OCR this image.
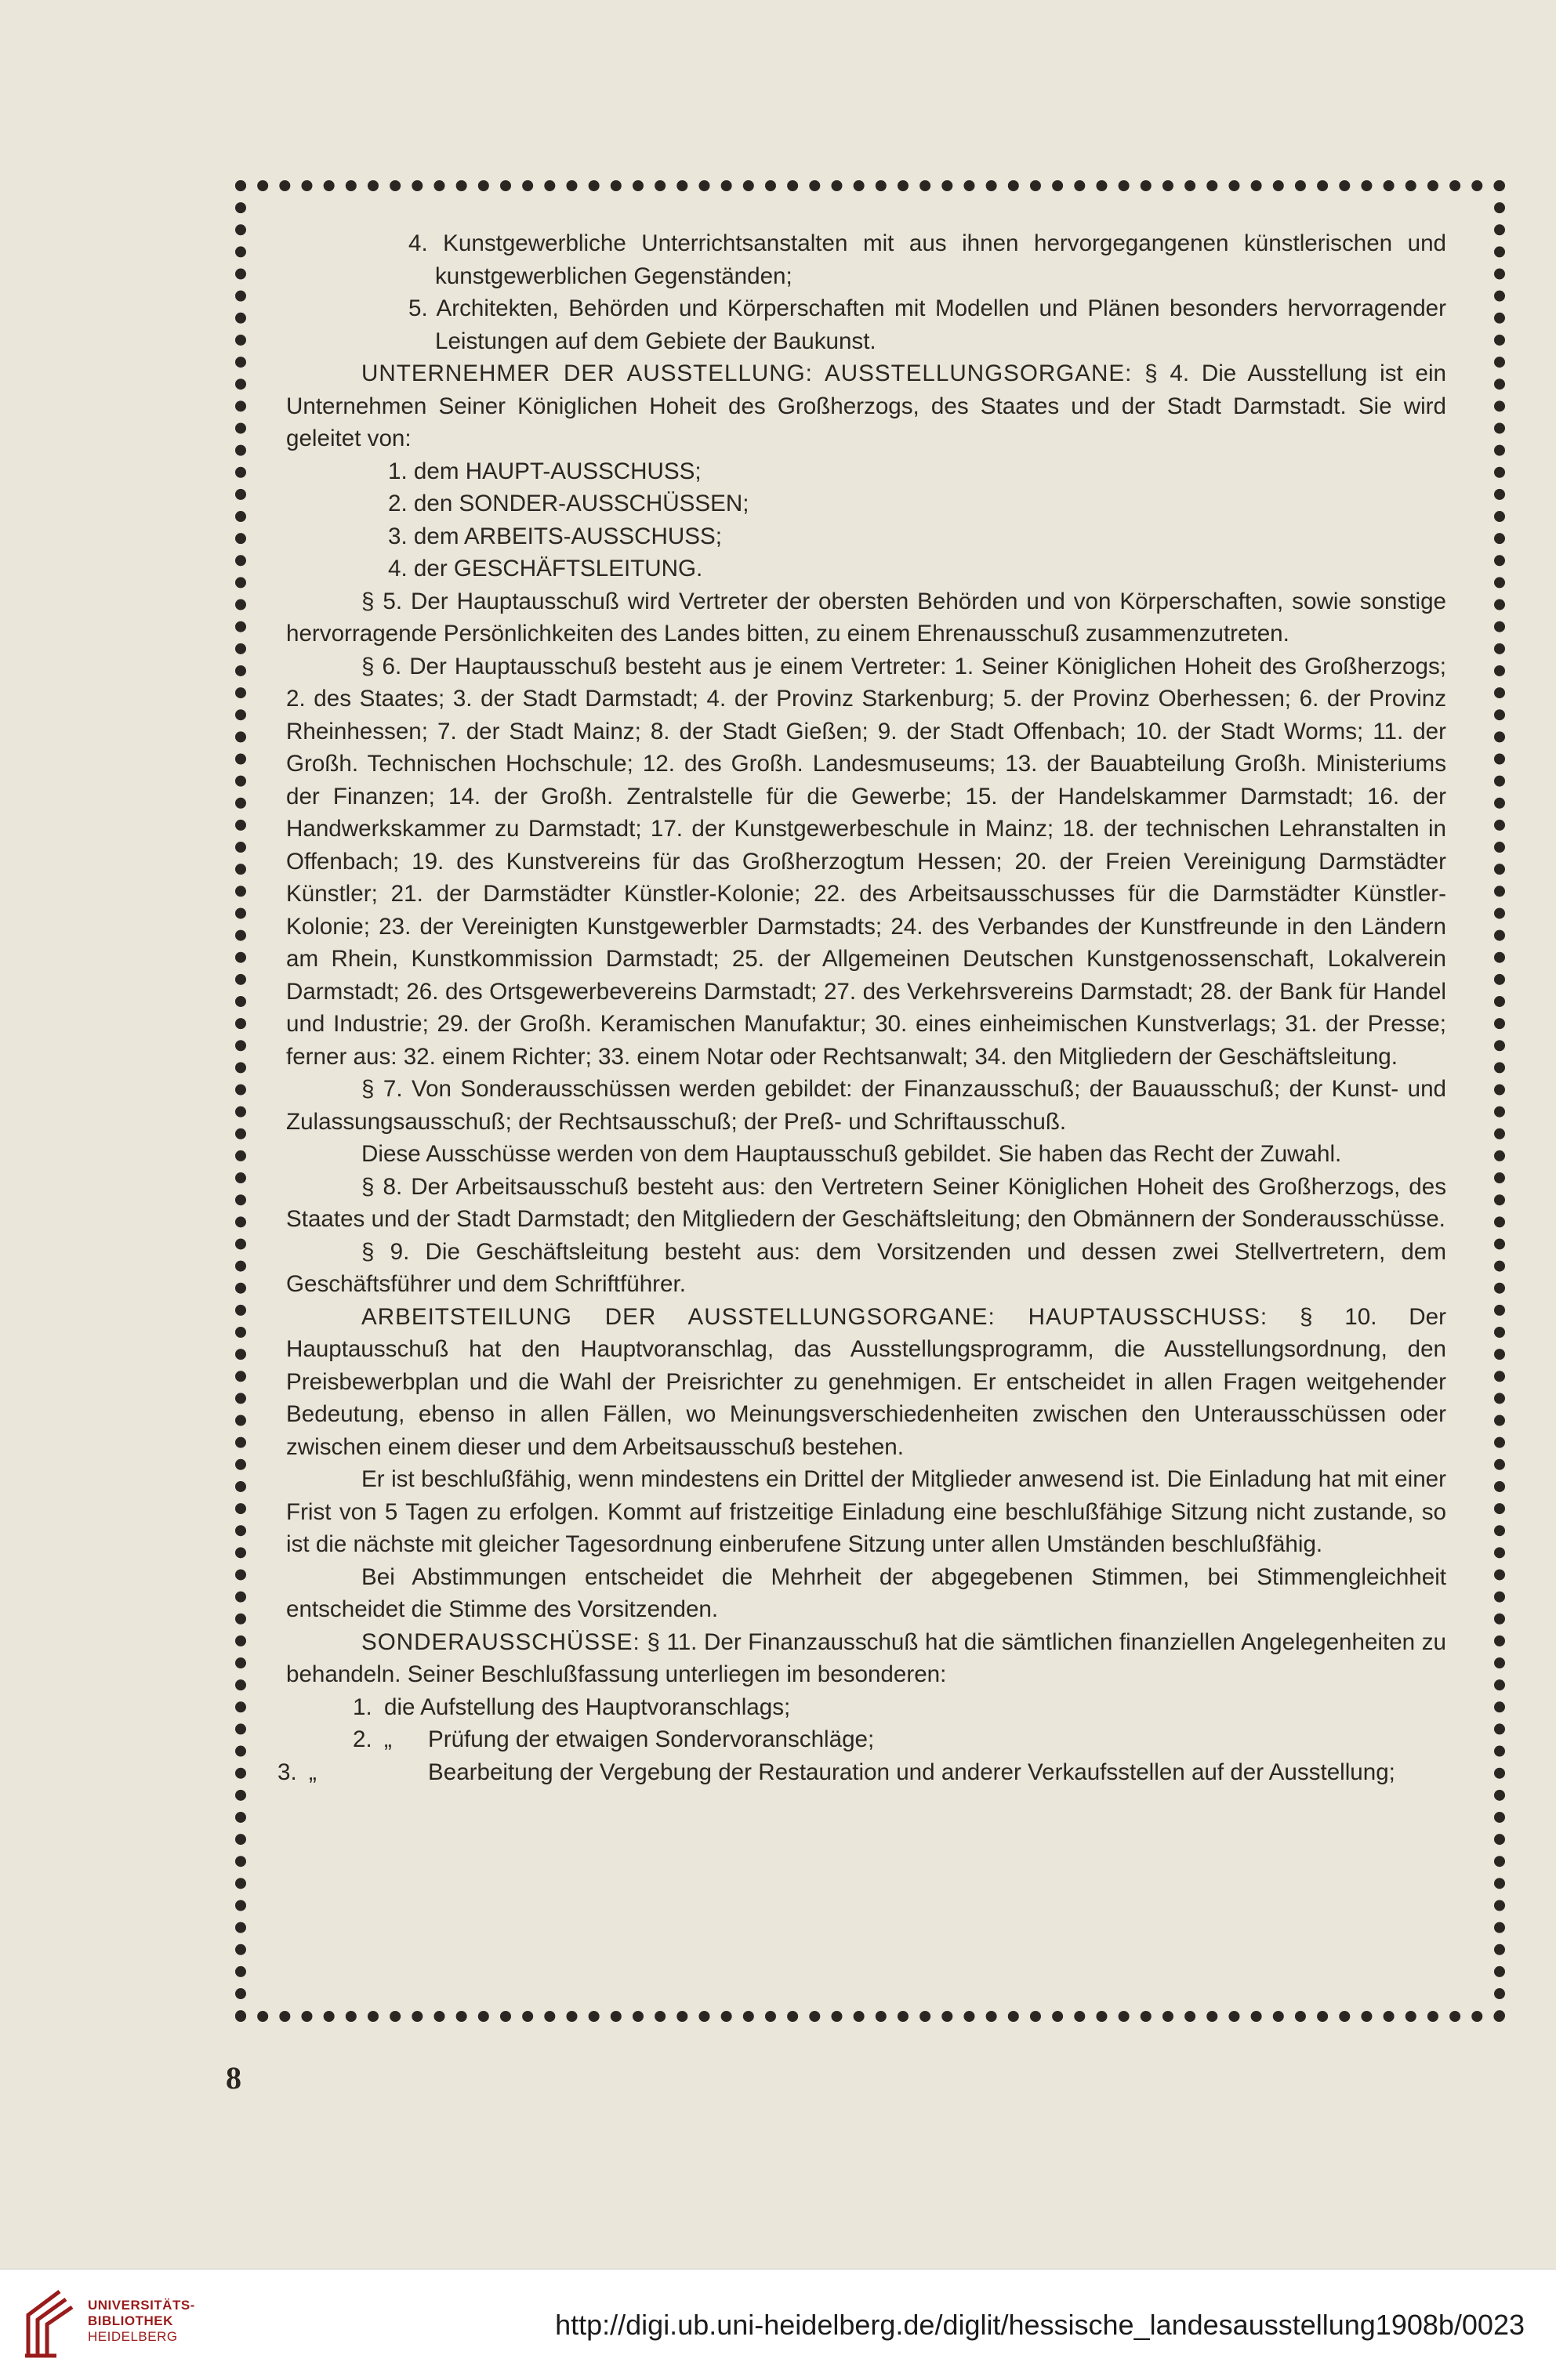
4. Kunstgewerbliche Unterrichtsanstalten mit aus ihnen hervorgegangenen künstlerischen und kunstgewerblichen Gegenständen;

5. Architekten, Behörden und Körperschaften mit Modellen und Plänen besonders hervorragender Leistungen auf dem Gebiete der Baukunst.

UNTERNEHMER DER AUSSTELLUNG: AUSSTELLUNGSORGANE: § 4. Die Ausstellung ist ein Unternehmen Seiner Königlichen Hoheit des Großherzogs, des Staates und der Stadt Darmstadt. Sie wird geleitet von:

1. dem HAUPT-AUSSCHUSS;

2. den SONDER-AUSSCHÜSSEN;

3. dem ARBEITS-AUSSCHUSS;

4. der GESCHÄFTSLEITUNG.

§ 5. Der Hauptausschuß wird Vertreter der obersten Behörden und von Körperschaften, sowie sonstige hervorragende Persönlichkeiten des Landes bitten, zu einem Ehrenausschuß zusammenzutreten.

§ 6. Der Hauptausschuß besteht aus je einem Vertreter: 1. Seiner Königlichen Hoheit des Großherzogs; 2. des Staates; 3. der Stadt Darmstadt; 4. der Provinz Starkenburg; 5. der Provinz Oberhessen; 6. der Provinz Rheinhessen; 7. der Stadt Mainz; 8. der Stadt Gießen; 9. der Stadt Offenbach; 10. der Stadt Worms; 11. der Großh. Technischen Hochschule; 12. des Großh. Landesmuseums; 13. der Bauabteilung Großh. Ministeriums der Finanzen; 14. der Großh. Zentralstelle für die Gewerbe; 15. der Handelskammer Darmstadt; 16. der Handwerkskammer zu Darmstadt; 17. der Kunstgewerbeschule in Mainz; 18. der technischen Lehranstalten in Offenbach; 19. des Kunstvereins für das Großherzogtum Hessen; 20. der Freien Vereinigung Darmstädter Künstler; 21. der Darmstädter Künstler-Kolonie; 22. des Arbeitsausschusses für die Darmstädter Künstler-Kolonie; 23. der Vereinigten Kunstgewerbler Darmstadts; 24. des Verbandes der Kunstfreunde in den Ländern am Rhein, Kunstkommission Darmstadt; 25. der Allgemeinen Deutschen Kunstgenossenschaft, Lokalverein Darmstadt; 26. des Ortsgewerbevereins Darmstadt; 27. des Verkehrsvereins Darmstadt; 28. der Bank für Handel und Industrie; 29. der Großh. Keramischen Manufaktur; 30. eines einheimischen Kunstverlags; 31. der Presse; ferner aus: 32. einem Richter; 33. einem Notar oder Rechtsanwalt; 34. den Mitgliedern der Geschäftsleitung.

§ 7. Von Sonderausschüssen werden gebildet: der Finanzausschuß; der Bauausschuß; der Kunst- und Zulassungsausschuß; der Rechtsausschuß; der Preß- und Schriftausschuß.

Diese Ausschüsse werden von dem Hauptausschuß gebildet. Sie haben das Recht der Zuwahl.

§ 8. Der Arbeitsausschuß besteht aus: den Vertretern Seiner Königlichen Hoheit des Großherzogs, des Staates und der Stadt Darmstadt; den Mitgliedern der Geschäftsleitung; den Obmännern der Sonderausschüsse.

§ 9. Die Geschäftsleitung besteht aus: dem Vorsitzenden und dessen zwei Stellvertretern, dem Geschäftsführer und dem Schriftführer.

ARBEITSTEILUNG DER AUSSTELLUNGSORGANE: HAUPTAUSSCHUSS: § 10. Der Hauptausschuß hat den Hauptvoranschlag, das Ausstellungsprogramm, die Ausstellungsordnung, den Preisbewerbplan und die Wahl der Preisrichter zu genehmigen. Er entscheidet in allen Fragen weitgehender Bedeutung, ebenso in allen Fällen, wo Meinungsverschiedenheiten zwischen den Unterausschüssen oder zwischen einem dieser und dem Arbeitsausschuß bestehen.

Er ist beschlußfähig, wenn mindestens ein Drittel der Mitglieder anwesend ist. Die Einladung hat mit einer Frist von 5 Tagen zu erfolgen. Kommt auf fristzeitige Einladung eine beschlußfähige Sitzung nicht zustande, so ist die nächste mit gleicher Tagesordnung einberufene Sitzung unter allen Umständen beschlußfähig.

Bei Abstimmungen entscheidet die Mehrheit der abgegebenen Stimmen, bei Stimmengleichheit entscheidet die Stimme des Vorsitzenden.

SONDERAUSSCHÜSSE: § 11. Der Finanzausschuß hat die sämtlichen finanziellen Angelegenheiten zu behandeln. Seiner Beschlußfassung unterliegen im besonderen:

1. die Aufstellung des Hauptvoranschlags;

2. „ Prüfung der etwaigen Sondervoranschläge;

3. „	Bearbeitung der Vergebung der Restauration und anderer Verkaufsstellen auf der Ausstellung;

8
UNIVERSITÄTS-
BIBLIOTHEK
HEIDELBERG	http://digi.ub.uni-heidelberg.de/diglit/hessische_landesausstellung1908b/0023
